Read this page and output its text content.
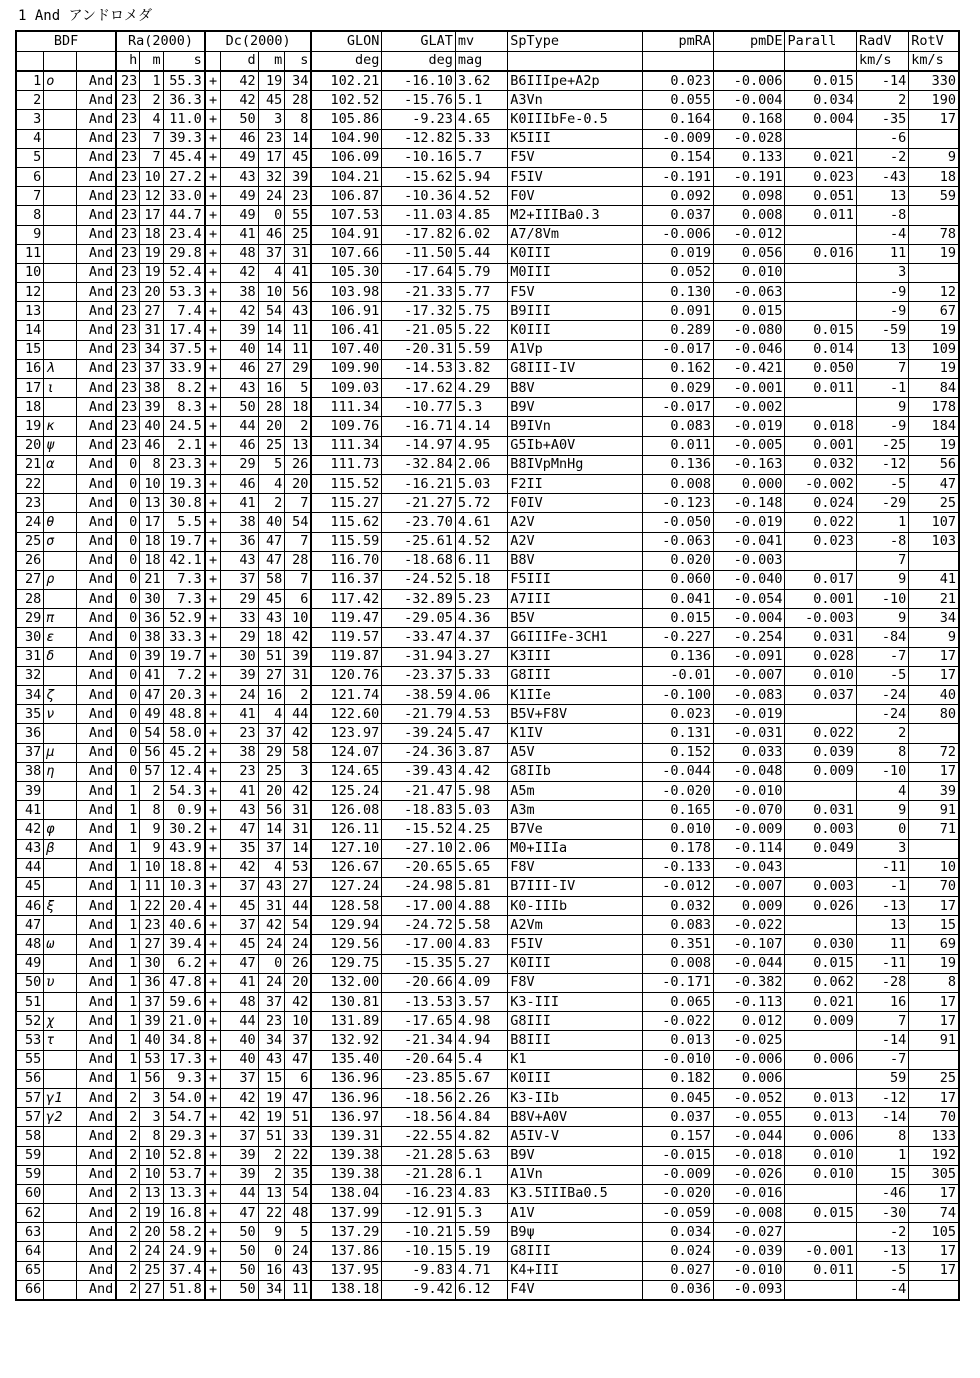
1 And アンドロメダ
BDF			Ra(2000)			Dc(2000)				GLON	GLAT	mv	SpType	pmRA	pmDE	Parall	RadV	RotV
			h	m	s		d	m	s	deg	deg	mag					km/s	km/s
1	ο	And	23	1	55.3	+	42	19	34	102.21	-16.10	3.62	B6IIIpe+A2p	0.023	-0.006	0.015	-14	330
2		And	23	2	36.3	+	42	45	28	102.52	-15.76	5.1	A3Vn	0.055	-0.004	0.034	2	190
3		And	23	4	11.0	+	50	3	8	105.86	-9.23	4.65	K0IIIbFe-0.5	0.164	0.168	0.004	-35	17
4		And	23	7	39.3	+	46	23	14	104.90	-12.82	5.33	K5III	-0.009	-0.028		-6	
5		And	23	7	45.4	+	49	17	45	106.09	-10.16	5.7	F5V	0.154	0.133	0.021	-2	9
6		And	23	10	27.2	+	43	32	39	104.21	-15.62	5.94	F5IV	-0.191	-0.191	0.023	-43	18
7		And	23	12	33.0	+	49	24	23	106.87	-10.36	4.52	F0V	0.092	0.098	0.051	13	59
8		And	23	17	44.7	+	49	0	55	107.53	-11.03	4.85	M2+IIIBa0.3	0.037	0.008	0.011	-8	
9		And	23	18	23.4	+	41	46	25	104.91	-17.82	6.02	A7/8Vm	-0.006	-0.012		-4	78
11		And	23	19	29.8	+	48	37	31	107.66	-11.50	5.44	K0III	0.019	0.056	0.016	11	19
10		And	23	19	52.4	+	42	4	41	105.30	-17.64	5.79	M0III	0.052	0.010		3	
12		And	23	20	53.3	+	38	10	56	103.98	-21.33	5.77	F5V	0.130	-0.063		-9	12
13		And	23	27	7.4	+	42	54	43	106.91	-17.32	5.75	B9III	0.091	0.015		-9	67
14		And	23	31	17.4	+	39	14	11	106.41	-21.05	5.22	K0III	0.289	-0.080	0.015	-59	19
15		And	23	34	37.5	+	40	14	11	107.40	-20.31	5.59	A1Vp	-0.017	-0.046	0.014	13	109
16	λ	And	23	37	33.9	+	46	27	29	109.90	-14.53	3.82	G8III-IV	0.162	-0.421	0.050	7	19
17	ι	And	23	38	8.2	+	43	16	5	109.03	-17.62	4.29	B8V	0.029	-0.001	0.011	-1	84
18		And	23	39	8.3	+	50	28	18	111.34	-10.77	5.3	B9V	-0.017	-0.002		9	178
19	κ	And	23	40	24.5	+	44	20	2	109.76	-16.71	4.14	B9IVn	0.083	-0.019	0.018	-9	184
20	ψ	And	23	46	2.1	+	46	25	13	111.34	-14.97	4.95	G5Ib+A0V	0.011	-0.005	0.001	-25	19
21	α	And	0	8	23.3	+	29	5	26	111.73	-32.84	2.06	B8IVpMnHg	0.136	-0.163	0.032	-12	56
22		And	0	10	19.3	+	46	4	20	115.52	-16.21	5.03	F2II	0.008	0.000	-0.002	-5	47
23		And	0	13	30.8	+	41	2	7	115.27	-21.27	5.72	F0IV	-0.123	-0.148	0.024	-29	25
24	θ	And	0	17	5.5	+	38	40	54	115.62	-23.70	4.61	A2V	-0.050	-0.019	0.022	1	107
25	σ	And	0	18	19.7	+	36	47	7	115.59	-25.61	4.52	A2V	-0.063	-0.041	0.023	-8	103
26		And	0	18	42.1	+	43	47	28	116.70	-18.68	6.11	B8V	0.020	-0.003		7	
27	ρ	And	0	21	7.3	+	37	58	7	116.37	-24.52	5.18	F5III	0.060	-0.040	0.017	9	41
28		And	0	30	7.3	+	29	45	6	117.42	-32.89	5.23	A7III	0.041	-0.054	0.001	-10	21
29	π	And	0	36	52.9	+	33	43	10	119.47	-29.05	4.36	B5V	0.015	-0.004	-0.003	9	34
30	ε	And	0	38	33.3	+	29	18	42	119.57	-33.47	4.37	G6IIIFe-3CH1	-0.227	-0.254	0.031	-84	9
31	δ	And	0	39	19.7	+	30	51	39	119.87	-31.94	3.27	K3III	0.136	-0.091	0.028	-7	17
32		And	0	41	7.2	+	39	27	31	120.76	-23.37	5.33	G8III	-0.01	-0.007	0.010	-5	17
34	ζ	And	0	47	20.3	+	24	16	2	121.74	-38.59	4.06	K1IIe	-0.100	-0.083	0.037	-24	40
35	ν	And	0	49	48.8	+	41	4	44	122.60	-21.79	4.53	B5V+F8V	0.023	-0.019		-24	80
36		And	0	54	58.0	+	23	37	42	123.97	-39.24	5.47	K1IV	0.131	-0.031	0.022	2	
37	μ	And	0	56	45.2	+	38	29	58	124.07	-24.36	3.87	A5V	0.152	0.033	0.039	8	72
38	η	And	0	57	12.4	+	23	25	3	124.65	-39.43	4.42	G8IIb	-0.044	-0.048	0.009	-10	17
39		And	1	2	54.3	+	41	20	42	125.24	-21.47	5.98	A5m	-0.020	-0.010		4	39
41		And	1	8	0.9	+	43	56	31	126.08	-18.83	5.03	A3m	0.165	-0.070	0.031	9	91
42	φ	And	1	9	30.2	+	47	14	31	126.11	-15.52	4.25	B7Ve	0.010	-0.009	0.003	0	71
43	β	And	1	9	43.9	+	35	37	14	127.10	-27.10	2.06	M0+IIIa	0.178	-0.114	0.049	3	
44		And	1	10	18.8	+	42	4	53	126.67	-20.65	5.65	F8V	-0.133	-0.043		-11	10
45		And	1	11	10.3	+	37	43	27	127.24	-24.98	5.81	B7III-IV	-0.012	-0.007	0.003	-1	70
46	ξ	And	1	22	20.4	+	45	31	44	128.58	-17.00	4.88	K0-IIIb	0.032	0.009	0.026	-13	17
47		And	1	23	40.6	+	37	42	54	129.94	-24.72	5.58	A2Vm	0.083	-0.022		13	15
48	ω	And	1	27	39.4	+	45	24	24	129.56	-17.00	4.83	F5IV	0.351	-0.107	0.030	11	69
49		And	1	30	6.2	+	47	0	26	129.75	-15.35	5.27	K0III	0.008	-0.044	0.015	-11	19
50	υ	And	1	36	47.8	+	41	24	20	132.00	-20.66	4.09	F8V	-0.171	-0.382	0.062	-28	8
51		And	1	37	59.6	+	48	37	42	130.81	-13.53	3.57	K3-III	0.065	-0.113	0.021	16	17
52	χ	And	1	39	21.0	+	44	23	10	131.89	-17.65	4.98	G8III	-0.022	0.012	0.009	7	17
53	τ	And	1	40	34.8	+	40	34	37	132.92	-21.34	4.94	B8III	0.013	-0.025		-14	91
55		And	1	53	17.3	+	40	43	47	135.40	-20.64	5.4	K1	-0.010	-0.006	0.006	-7	
56		And	1	56	9.3	+	37	15	6	136.96	-23.85	5.67	K0III	0.182	0.006		59	25
57	γ1	And	2	3	54.0	+	42	19	47	136.96	-18.56	2.26	K3-IIb	0.045	-0.052	0.013	-12	17
57	γ2	And	2	3	54.7	+	42	19	51	136.97	-18.56	4.84	B8V+A0V	0.037	-0.055	0.013	-14	70
58		And	2	8	29.3	+	37	51	33	139.31	-22.55	4.82	A5IV-V	0.157	-0.044	0.006	8	133
59		And	2	10	52.8	+	39	2	22	139.38	-21.28	5.63	B9V	-0.015	-0.018	0.010	1	192
59		And	2	10	53.7	+	39	2	35	139.38	-21.28	6.1	A1Vn	-0.009	-0.026	0.010	15	305
60		And	2	13	13.3	+	44	13	54	138.04	-16.23	4.83	K3.5IIIBa0.5	-0.020	-0.016		-46	17
62		And	2	19	16.8	+	47	22	48	137.99	-12.91	5.3	A1V	-0.059	-0.008	0.015	-30	74
63		And	2	20	58.2	+	50	9	5	137.29	-10.21	5.59	B9ψ	0.034	-0.027		-2	105
64		And	2	24	24.9	+	50	0	24	137.86	-10.15	5.19	G8III	0.024	-0.039	-0.001	-13	17
65		And	2	25	37.4	+	50	16	43	137.95	-9.83	4.71	K4+III	0.027	-0.010	0.011	-5	17
66		And	2	27	51.8	+	50	34	11	138.18	-9.42	6.12	F4V	0.036	-0.093		-4	
